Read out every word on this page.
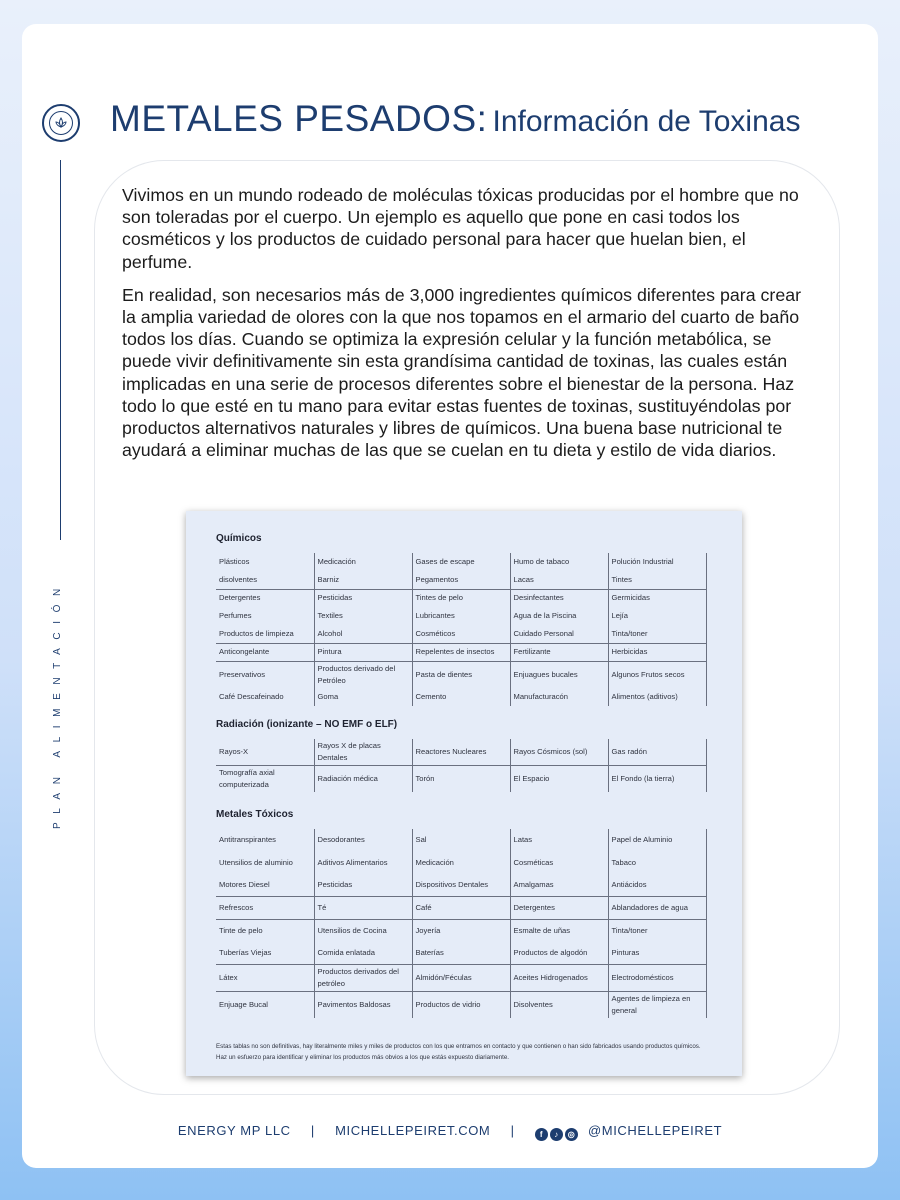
METALES PESADOS: Información de Toxinas
PLAN ALIMENTACIÓN

Vivimos en un mundo rodeado de moléculas tóxicas producidas por el hombre que no son toleradas por el cuerpo. Un ejemplo es aquello que pone en casi todos los cosméticos y los productos de cuidado personal para hacer que huelan bien, el perfume.

En realidad, son necesarios más de 3,000 ingredientes químicos diferentes para crear la amplia variedad de olores con la que nos topamos en el armario del cuarto de baño todos los días. Cuando se optimiza la expresión celular y la función metabólica, se puede vivir definitivamente sin esta grandísima cantidad de toxinas, las cuales están implicadas en una serie de procesos diferentes sobre el bienestar de la persona. Haz todo lo que esté en tu mano para evitar estas fuentes de toxinas, sustituyéndolas por productos alternativos naturales y libres de químicos. Una buena base nutricional te ayudará a eliminar muchas de las que se cuelan en tu dieta y estilo de vida diarios.

Químicos
Plásticos	Medicación	Gases de escape	Humo de tabaco	Polución Industrial
disolventes	Barniz	Pegamentos	Lacas	Tintes
Detergentes	Pesticidas	Tintes de pelo	Desinfectantes	Germicidas
Perfumes	Textiles	Lubricantes	Agua de la Piscina	Lejía
Productos de limpieza	Alcohol	Cosméticos	Cuidado Personal	Tinta/toner
Anticongelante	Pintura	Repelentes de insectos	Fertilizante	Herbicidas
Preservativos	Productos derivado del Petróleo	Pasta de dientes	Enjuagues bucales	Algunos Frutos secos
Café Descafeinado	Goma	Cemento	Manufacturacón	Alimentos (aditivos)
Radiación (ionizante – NO EMF o ELF)
Rayos-X	Rayos X de placas Dentales	Reactores Nucleares	Rayos Cósmicos (sol)	Gas radón
Tomografía axial computerizada	Radiación médica	Torón	El Espacio	El Fondo (la tierra)
Metales Tóxicos
Antitranspirantes	Desodorantes	Sal	Latas	Papel de Aluminio
Utensilios de aluminio	Aditivos Alimentarios	Medicación	Cosméticas	Tabaco
Motores Diesel	Pesticidas	Dispositivos Dentales	Amalgamas	Antiácidos
Refrescos	Té	Café	Detergentes	Ablandadores de agua
Tinte de pelo	Utensilios de Cocina	Joyería	Esmalte de uñas	Tinta/toner
Tuberías Viejas	Comida enlatada	Baterías	Productos de algodón	Pinturas
Látex	Productos derivados del petróleo	Almidón/Féculas	Aceites Hidrogenados	Electrodomésticos
Enjuage Bucal	Pavimentos Baldosas	Productos de vidrio	Disolventes	Agentes de limpieza en general
Estas tablas no son definitivas, hay literalmente miles y miles de productos con los que entramos en contacto y que contienen o han sido fabricados usando productos químicos. Haz un esfuerzo para identificar y eliminar los productos más obvios a los que estás expuesto diariamente.
ENERGY MP LLC | MICHELLEPEIRET.COM |	f	♪	◎ @MICHELLEPEIRET
